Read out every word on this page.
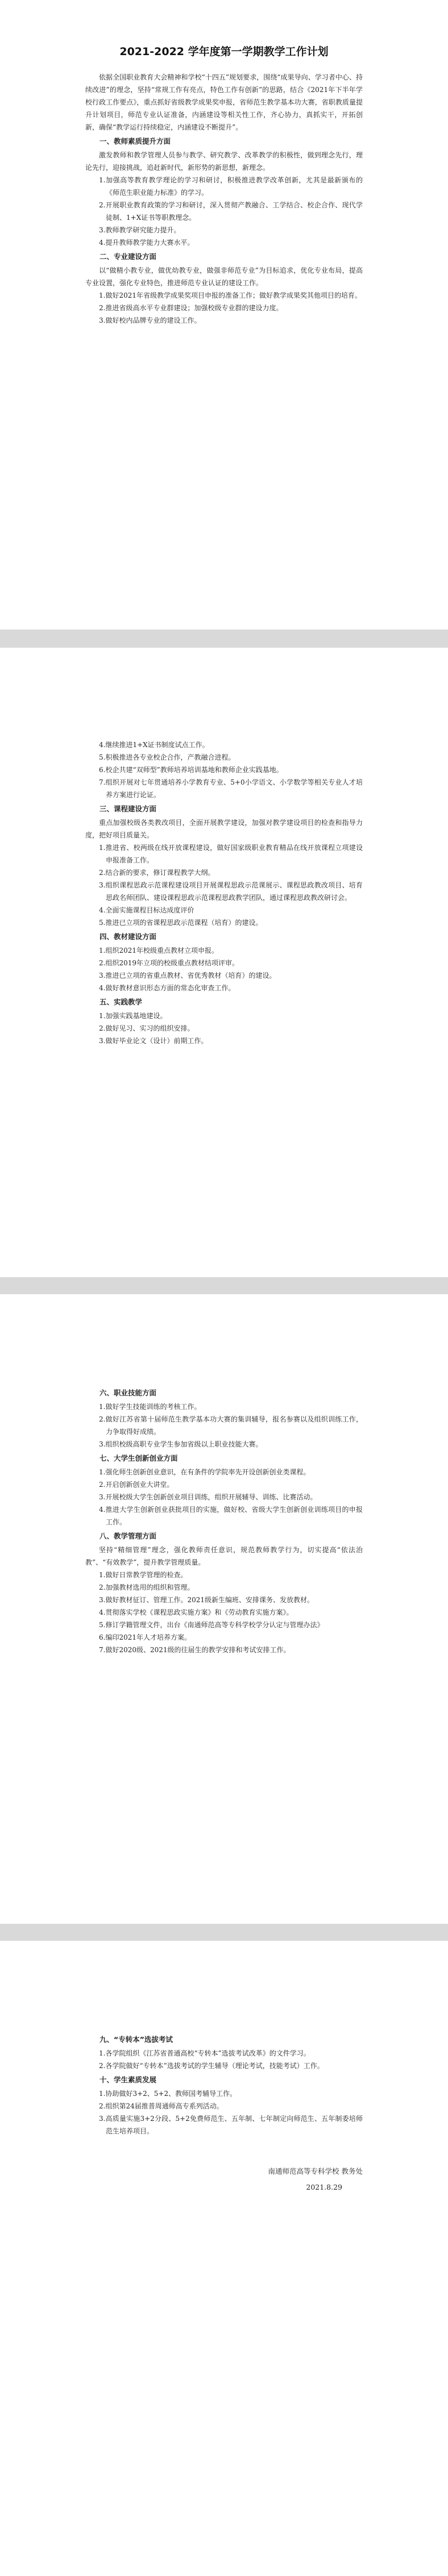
2021-2022 学年度第一学期教学工作计划

依据全国职业教育大会精神和学校“十四五”规划要求，围绕“成果导向、学习者中心、持续改进”的理念，坚持“常规工作有亮点，特色工作有创新”的思路，结合《2021年下半年学校行政工作要点》，重点抓好省级教学成果奖申报，省师范生教学基本功大赛，省职教质量提升计划项目，师范专业认证准备，内涵建设等相关性工作，齐心协力，真抓实干，开拓创新，确保“教学运行持续稳定，内涵建设不断提升”。

一、教师素质提升方面

激发教师和教学管理人员参与教学、研究教学、改革教学的积极性，做到理念先行，理论先行，迎接挑战，追赶新时代，新形势的新思想，新理念。

1.加强高等教育教学理论的学习和研讨，积极推进教学改革创新，尤其是最新颁布的《师范生职业能力标准》的学习。

2.开展职业教育政策的学习和研讨，深入贯彻产教融合、工学结合、校企合作、现代学徒制、1+X证书等职教理念。

3.教师教学研究能力提升。

4.提升教师教学能力大赛水平。

二、专业建设方面

以“做精小教专业，做优幼教专业，做强非师范专业”为目标追求，优化专业布局，提高专业设置，强化专业特色，推进师范专业认证的建设工作。

1.做好2021年省级教学成果奖项目申报的准备工作；做好教学成果奖其他项目的培育。

2.推进省级高水平专业群建设；加强校级专业群的建设力度。

3.做好校内品牌专业的建设工作。

4.继续推进1+X证书制度试点工作。

5.积极推进各专业校企合作，产教融合进程。

6.校企共建“双师型”教师培养培训基地和教师企业实践基地。

7.组织开展对七年贯通培养小学教育专业、5+0小学语文、小学数学等相关专业人才培养方案进行论证。

三、课程建设方面

重点加强校级各类教改项目，全面开展教学建设，加强对教学建设项目的检查和指导力度，把好项目质量关。

1.推进省、校两级在线开放课程建设，做好国家级职业教育精品在线开放课程立项建设申报准备工作。

2.结合新的要求，修订课程教学大纲。

3.组织课程思政示范课程建设项目开展课程思政示范课展示、课程思政教改项目、培育思政名师团队、建设课程思政示范课程思政教学团队，通过课程思政教改研讨会。

4.全面实施课程目标达成度评价

5.推进已立项的省课程思政示范课程（培育）的建设。

四、教材建设方面

1.组织2021年校级重点教材立项申报。

2.组织2019年立项的校级重点教材结项评审。

3.推进已立项的省重点教材、省优秀教材（培育）的建设。

4.做好教材意识形态方面的常态化审查工作。

五、实践教学

1.加强实践基地建设。

2.做好见习、实习的组织安排。

3.做好毕业论文（设计）前期工作。

六、职业技能方面

1.做好学生技能训练的考核工作。

2.做好江苏省第十届师范生教学基本功大赛的集训辅导，报名参赛以及组织训练工作，力争取得好成绩。

3.组织校级高职专业学生参加省级以上职业技能大赛。

七、大学生创新创业方面

1.强化师生创新创业意识，在有条件的学院率先开设创新创业类课程。

2.开启创新创业大讲堂。

3.开展校级大学生创新创业项目训练，组织开展辅导、训练、比赛活动。

4.推进大学生创新创业获批项目的实施，做好校、省级大学生创新创业训练项目的申报工作。

八、教学管理方面

坚持“精细管理”理念，强化教师责任意识，规范教师教学行为，切实提高“依法治教”、“有效教学”，提升教学管理质量。

1.做好日常教学管理的检查。

2.加强教材选用的组织和管理。

3.做好教材征订、管理工作。2021级新生编班、安排课务、发放教材。

4.贯彻落实学校《课程思政实施方案》和《劳动教育实施方案》。

5.修订学籍管理文件，出台《南通师范高等专科学校学分认定与管理办法》

6.编印2021年人才培养方案。

7.做好2020级、2021级的往届生的教学安排和考试安排工作。

九、“专转本”选拔考试

1.各学院组织《江苏省普通高校“专转本”选拔考试改革》的文件学习。

2.各学院做好“专转本”选拔考试的学生辅导（理论考试，技能考试）工作。

十、学生素质发展

1.协助做好3+2、5+2、教师国考辅导工作。

2.组织第24届推普周通师高专系列活动。

3.高质量实施3+2分段、5+2免费师范生、五年制、七年制定向师范生、五年制委培师范生培养项目。

南通师范高等专科学校 教务处

2021.8.29
